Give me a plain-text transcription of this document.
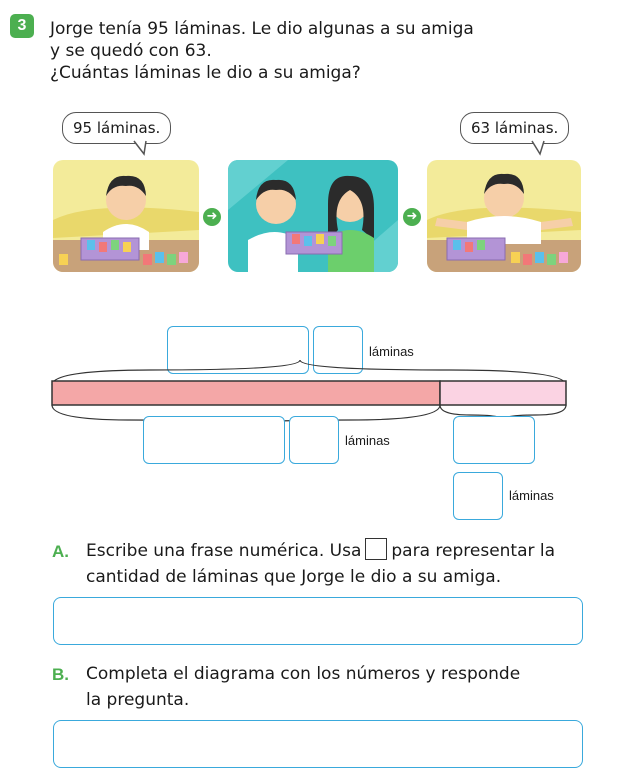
3	Jorge tenía 95 láminas. Le dio algunas a su amiga
y se quedó con 63.
¿Cuántas láminas le dio a su amiga?
95 láminas.	63 láminas.
➜	➜
láminas
láminas
láminas
A. Escribe una frase numérica. Usa para representar la
cantidad de láminas que Jorge le dio a su amiga.
B. Completa el diagrama con los números y responde
la pregunta.
